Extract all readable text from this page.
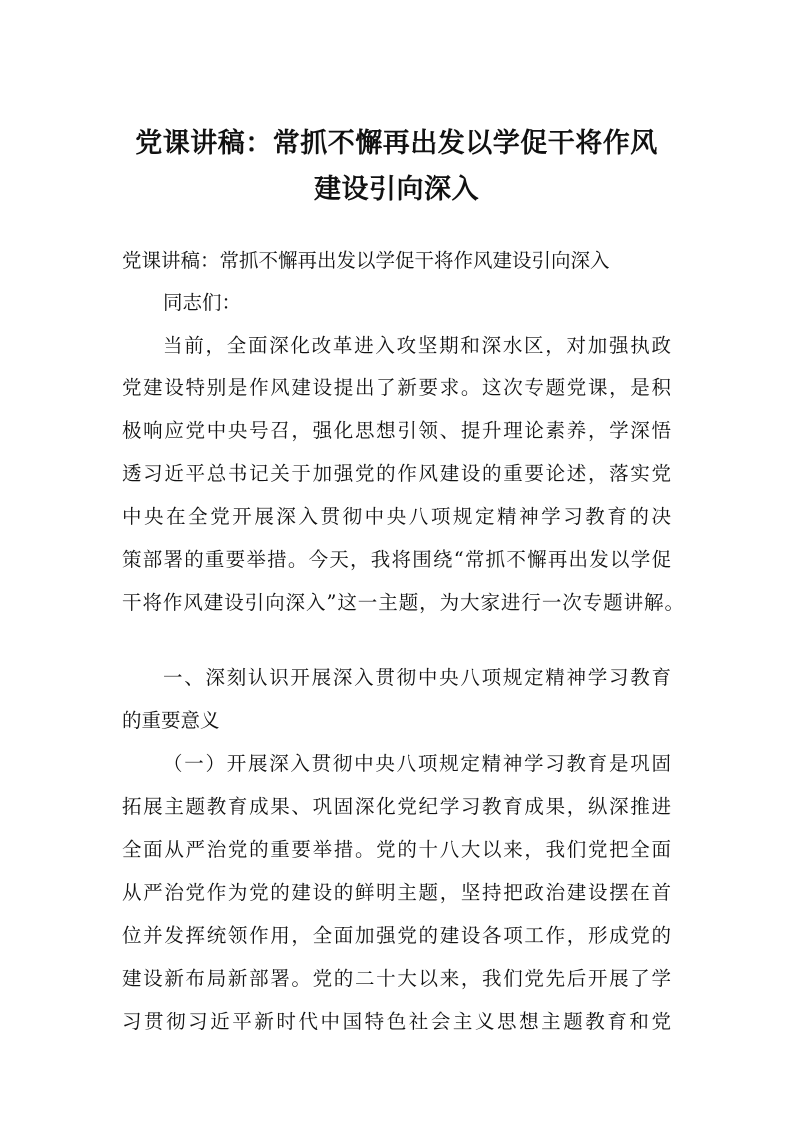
党课讲稿：常抓不懈再出发以学促干将作风
建设引向深入
党课讲稿：常抓不懈再出发以学促干将作风建设引向深入
同志们：
当前，全面深化改革进入攻坚期和深水区，对加强执政
党建设特别是作风建设提出了新要求。这次专题党课，是积
极响应党中央号召，强化思想引领、提升理论素养，学深悟
透习近平总书记关于加强党的作风建设的重要论述，落实党
中央在全党开展深入贯彻中央八项规定精神学习教育的决
策部署的重要举措。今天，我将围绕“常抓不懈再出发以学促
干将作风建设引向深入”这一主题，为大家进行一次专题讲解。
一、深刻认识开展深入贯彻中央八项规定精神学习教育
的重要意义
（一）开展深入贯彻中央八项规定精神学习教育是巩固
拓展主题教育成果、巩固深化党纪学习教育成果，纵深推进
全面从严治党的重要举措。党的十八大以来，我们党把全面
从严治党作为党的建设的鲜明主题，坚持把政治建设摆在首
位并发挥统领作用，全面加强党的建设各项工作，形成党的
建设新布局新部署。党的二十大以来，我们党先后开展了学
习贯彻习近平新时代中国特色社会主义思想主题教育和党
